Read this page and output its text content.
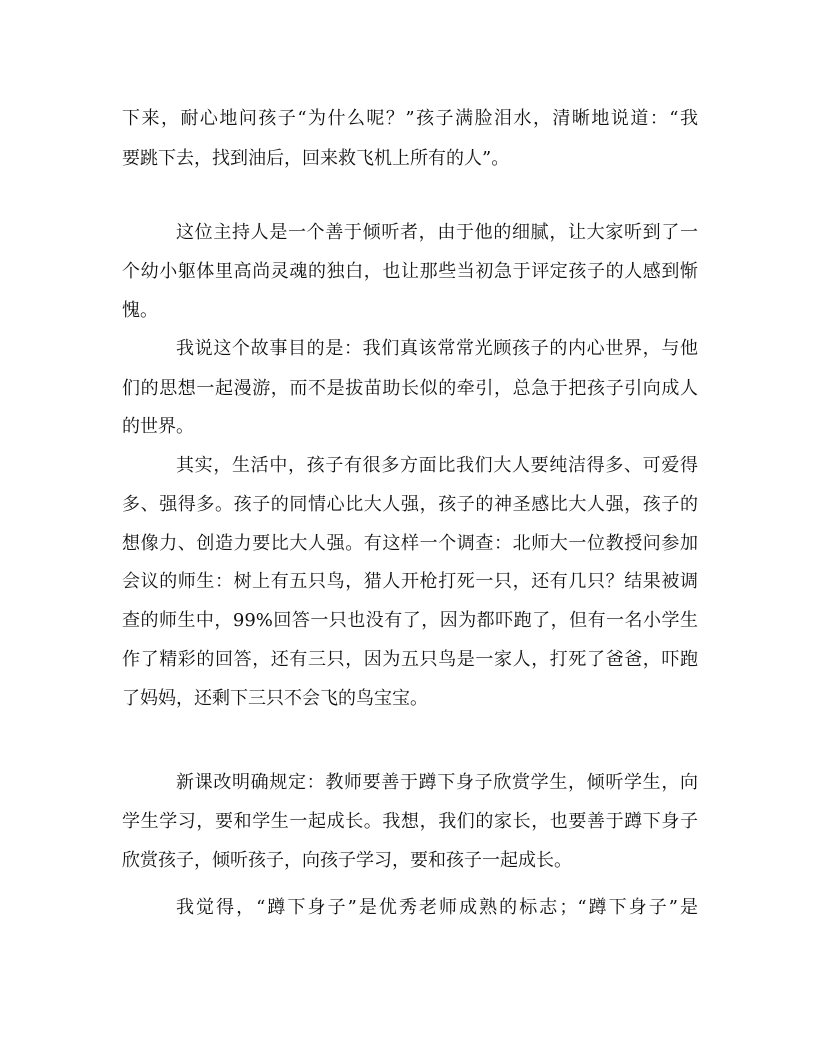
下来，耐心地问孩子“为什么呢？”孩子满脸泪水，清晰地说道：“我
要跳下去，找到油后，回来救飞机上所有的人”。
这位主持人是一个善于倾听者，由于他的细腻，让大家听到了一
个幼小躯体里高尚灵魂的独白，也让那些当初急于评定孩子的人感到惭
愧。
我说这个故事目的是：我们真该常常光顾孩子的内心世界，与他
们的思想一起漫游，而不是拔苗助长似的牵引，总急于把孩子引向成人
的世界。
其实，生活中，孩子有很多方面比我们大人要纯洁得多、可爱得
多、强得多。孩子的同情心比大人强，孩子的神圣感比大人强，孩子的
想像力、创造力要比大人强。有这样一个调查：北师大一位教授问参加
会议的师生：树上有五只鸟，猎人开枪打死一只，还有几只？结果被调
查的师生中，99%回答一只也没有了，因为都吓跑了，但有一名小学生
作了精彩的回答，还有三只，因为五只鸟是一家人，打死了爸爸，吓跑
了妈妈，还剩下三只不会飞的鸟宝宝。
新课改明确规定：教师要善于蹲下身子欣赏学生，倾听学生，向
学生学习，要和学生一起成长。我想，我们的家长，也要善于蹲下身子
欣赏孩子，倾听孩子，向孩子学习，要和孩子一起成长。
我觉得，“蹲下身子”是优秀老师成熟的标志；“蹲下身子”是
